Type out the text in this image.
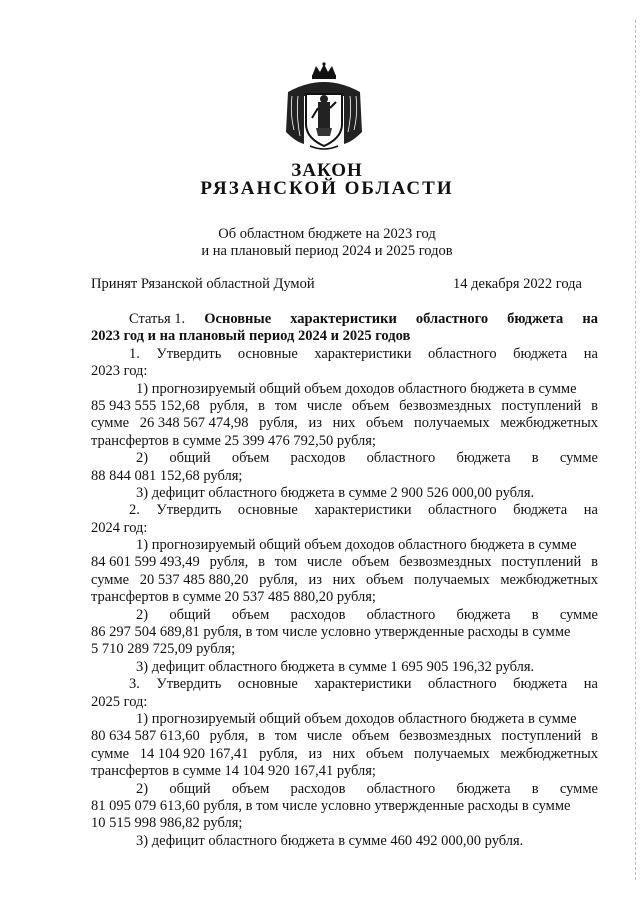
ЗАКОН
РЯЗАНСКОЙ ОБЛАСТИ
Об областном бюджете на 2023 год
и на плановый период 2024 и 2025 годов
Принят Рязанской областной Думой	14 декабря 2022 года
Статья 1. Основные характеристики областного бюджета на
2023 год и на плановый период 2024 и 2025 годов
1. Утвердить основные характеристики областного бюджета на
2023 год:
1) прогнозируемый общий объем доходов областного бюджета в сумме
85 943 555 152,68 рубля, в том числе объем безвозмездных поступлений в
сумме 26 348 567 474,98 рубля, из них объем получаемых межбюджетных
трансфертов в сумме 25 399 476 792,50 рубля;
2) общий объем расходов областного бюджета в сумме
88 844 081 152,68 рубля;
3) дефицит областного бюджета в сумме 2 900 526 000,00 рубля.
2. Утвердить основные характеристики областного бюджета на
2024 год:
1) прогнозируемый общий объем доходов областного бюджета в сумме
84 601 599 493,49 рубля, в том числе объем безвозмездных поступлений в
сумме 20 537 485 880,20 рубля, из них объем получаемых межбюджетных
трансфертов в сумме 20 537 485 880,20 рубля;
2) общий объем расходов областного бюджета в сумме
86 297 504 689,81 рубля, в том числе условно утвержденные расходы в сумме
5 710 289 725,09 рубля;
3) дефицит областного бюджета в сумме 1 695 905 196,32 рубля.
3. Утвердить основные характеристики областного бюджета на
2025 год:
1) прогнозируемый общий объем доходов областного бюджета в сумме
80 634 587 613,60 рубля, в том числе объем безвозмездных поступлений в
сумме 14 104 920 167,41 рубля, из них объем получаемых межбюджетных
трансфертов в сумме 14 104 920 167,41 рубля;
2) общий объем расходов областного бюджета в сумме
81 095 079 613,60 рубля, в том числе условно утвержденные расходы в сумме
10 515 998 986,82 рубля;
3) дефицит областного бюджета в сумме 460 492 000,00 рубля.
